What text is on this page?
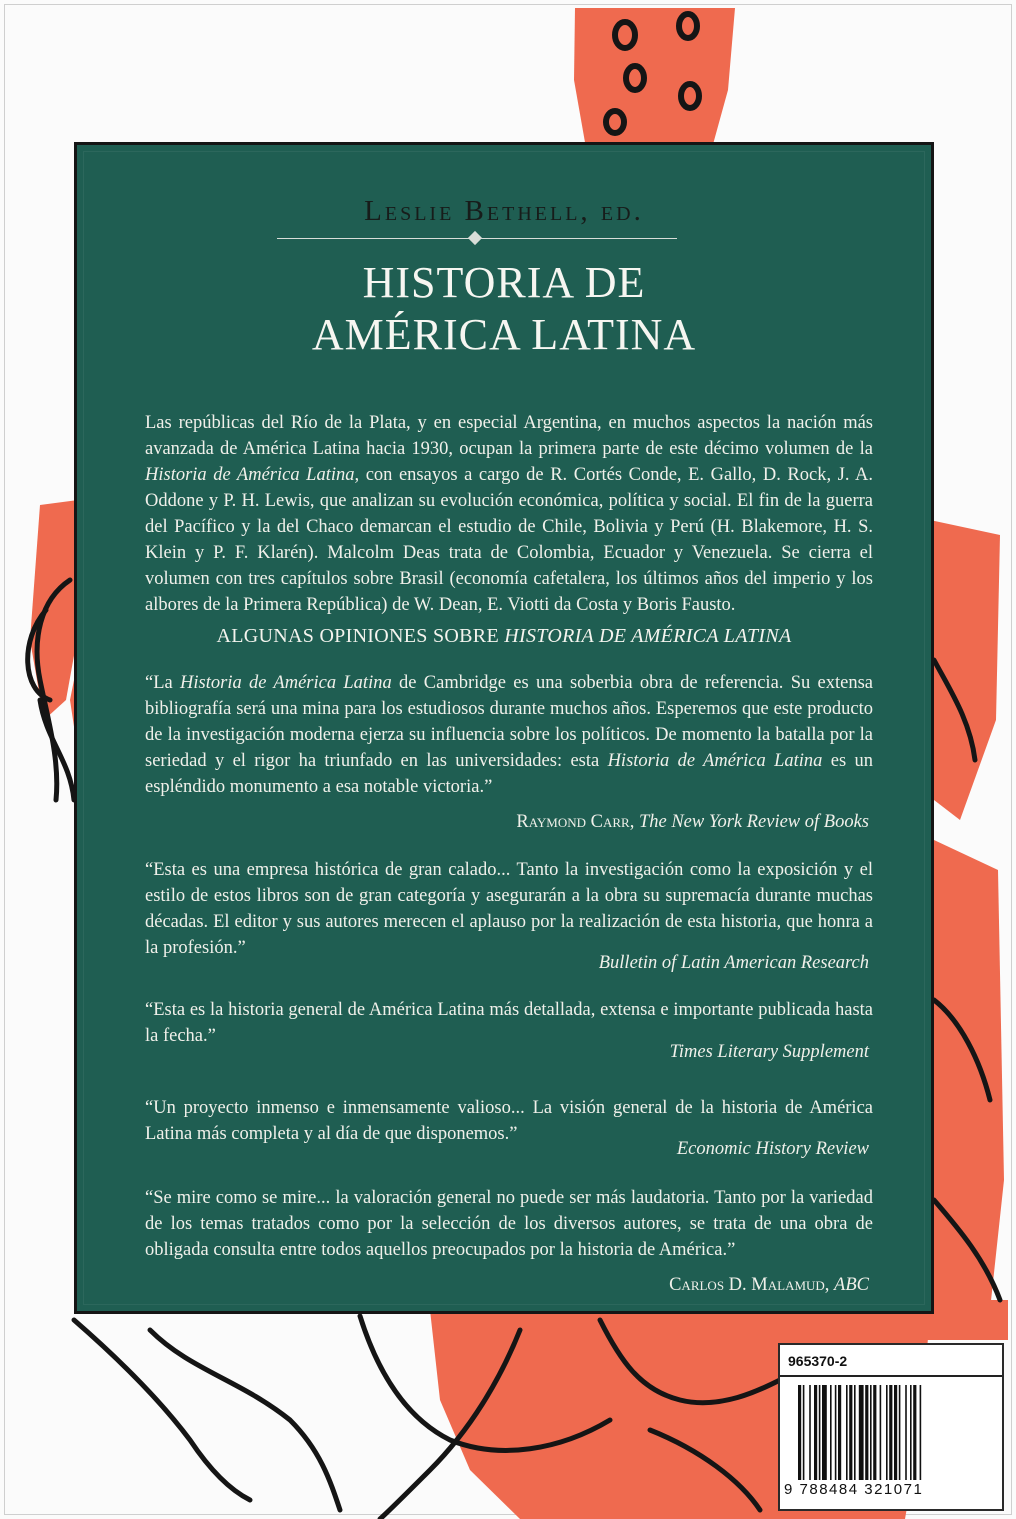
Leslie Bethell, ed.
HISTORIA DE
AMÉRICA LATINA

Las repúblicas del Río de la Plata, y en especial Argentina, en muchos aspectos la nación más avanzada de América Latina hacia 1930, ocupan la primera parte de este décimo volumen de la Historia de América Latina, con ensayos a cargo de R. Cortés Conde, E. Gallo, D. Rock, J. A. Oddone y P. H. Lewis, que analizan su evolución económica, política y social. El fin de la guerra del Pacífico y la del Chaco demarcan el estudio de Chile, Bolivia y Perú (H. Blakemore, H. S. Klein y P. F. Klarén). Malcolm Deas trata de Colombia, Ecuador y Venezuela. Se cierra el volumen con tres capítulos sobre Brasil (economía cafetalera, los últimos años del imperio y los albores de la Primera República) de W. Dean, E. Viotti da Costa y Boris Fausto.

ALGUNAS OPINIONES SOBRE HISTORIA DE AMÉRICA LATINA

“La Historia de América Latina de Cambridge es una soberbia obra de referencia. Su extensa bibliografía será una mina para los estudiosos durante muchos años. Esperemos que este producto de la investigación moderna ejerza su influencia sobre los políticos. De momento la batalla por la seriedad y el rigor ha triunfado en las universidades: esta Historia de América Latina es un espléndido monumento a esa notable victoria.”

Raymond Carr, The New York Review of Books

“Esta es una empresa histórica de gran calado... Tanto la investigación como la exposición y el estilo de estos libros son de gran categoría y asegurarán a la obra su supremacía durante muchas décadas. El editor y sus autores merecen el aplauso por la realización de esta historia, que honra a la profesión.”

Bulletin of Latin American Research

“Esta es la historia general de América Latina más detallada, extensa e importante publicada hasta la fecha.”

Times Literary Supplement

“Un proyecto inmenso e inmensamente valioso... La visión general de la historia de América Latina más completa y al día de que disponemos.”

Economic History Review

“Se mire como se mire... la valoración general no puede ser más laudatoria. Tanto por la variedad de los temas tratados como por la selección de los diversos autores, se trata de una obra de obligada consulta entre todos aquellos preocupados por la historia de América.”

Carlos D. Malamud, ABC
965370-2
9 788484 321071
